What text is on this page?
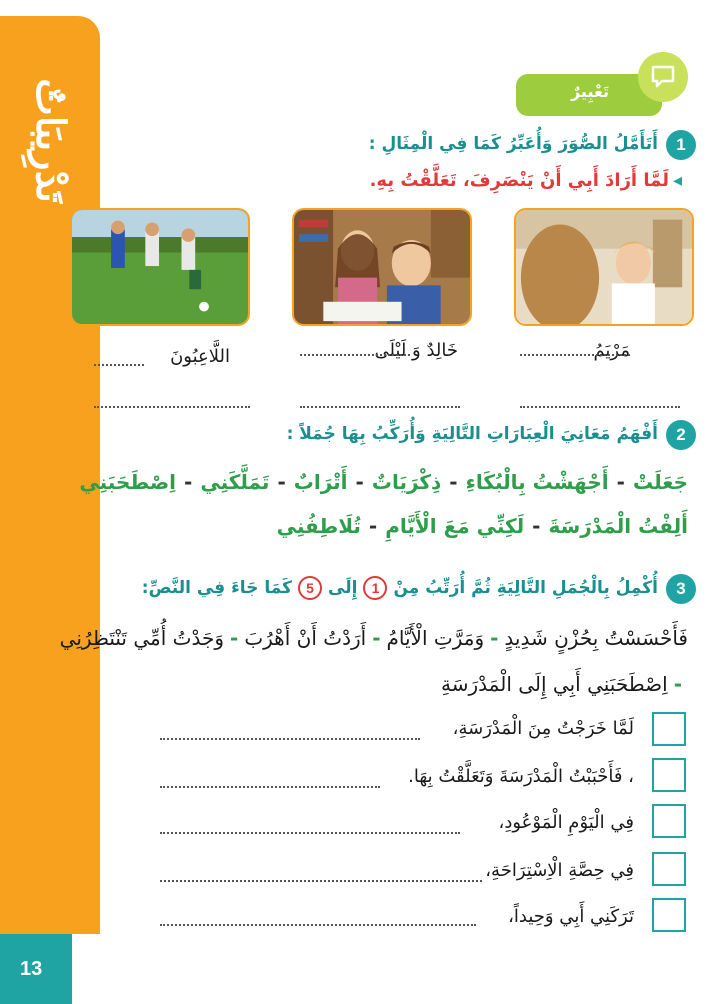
تَدْرِيبَاتٌ
13
تَعْبِيرٌ
1
أَتَأَمَّلُ الصُّوَرَ وَأُعَبِّرُ كَمَا فِي الْمِثَالِ :
◂لَمَّا أَرَادَ أَبِي أَنْ يَنْصَرِفَ، تَعَلَّقْتُ بِهِ.
مَرْيَمُ
خَالِدٌ وَ لَيْلَى
اللَّاعِبُونَ
2
أَفْهَمُ مَعَانِيَ الْعِبَارَاتِ التَّالِيَةِ وَأُرَكِّبُ بِهَا جُمَلاً :
جَعَلَتْ-أَجْهَشْتُ بِالْبُكَاءِ-ذِكْرَيَاتٌ-أَتْرَابٌ-تَمَلَّكَنِي-اِصْطَحَبَنِي
أَلِفْتُ الْمَدْرَسَةَ-لَكِنِّي مَعَ الْأَيَّامِ-تُلَاطِفُنِي
3
أُكْمِلُ بِالْجُمَلِ التَّالِيَةِ ثُمَّ أُرَتِّبُ مِنْ1إِلَى5كَمَا جَاءَ فِي النَّصِّ:
فَأَحْسَسْتُ بِحُزْنٍ شَدِيدٍ-وَمَرَّتِ الْأَيَّامُ-أَرَدْتُ أَنْ أَهْرُبَ-وَجَدْتُ أُمِّي تَنْتَظِرُنِي
-اِصْطَحَبَنِي أَبِي إِلَى الْمَدْرَسَةِ
لَمَّا خَرَجْتُ مِنَ الْمَدْرَسَةِ،
، فَأَحْبَبْتُ الْمَدْرَسَةَ وَتَعَلَّقْتُ بِهَا.
فِي الْيَوْمِ الْمَوْعُودِ،
فِي حِصَّةِ الْاِسْتِرَاحَةِ،
تَرَكَنِي أَبِي وَحِيداً،
